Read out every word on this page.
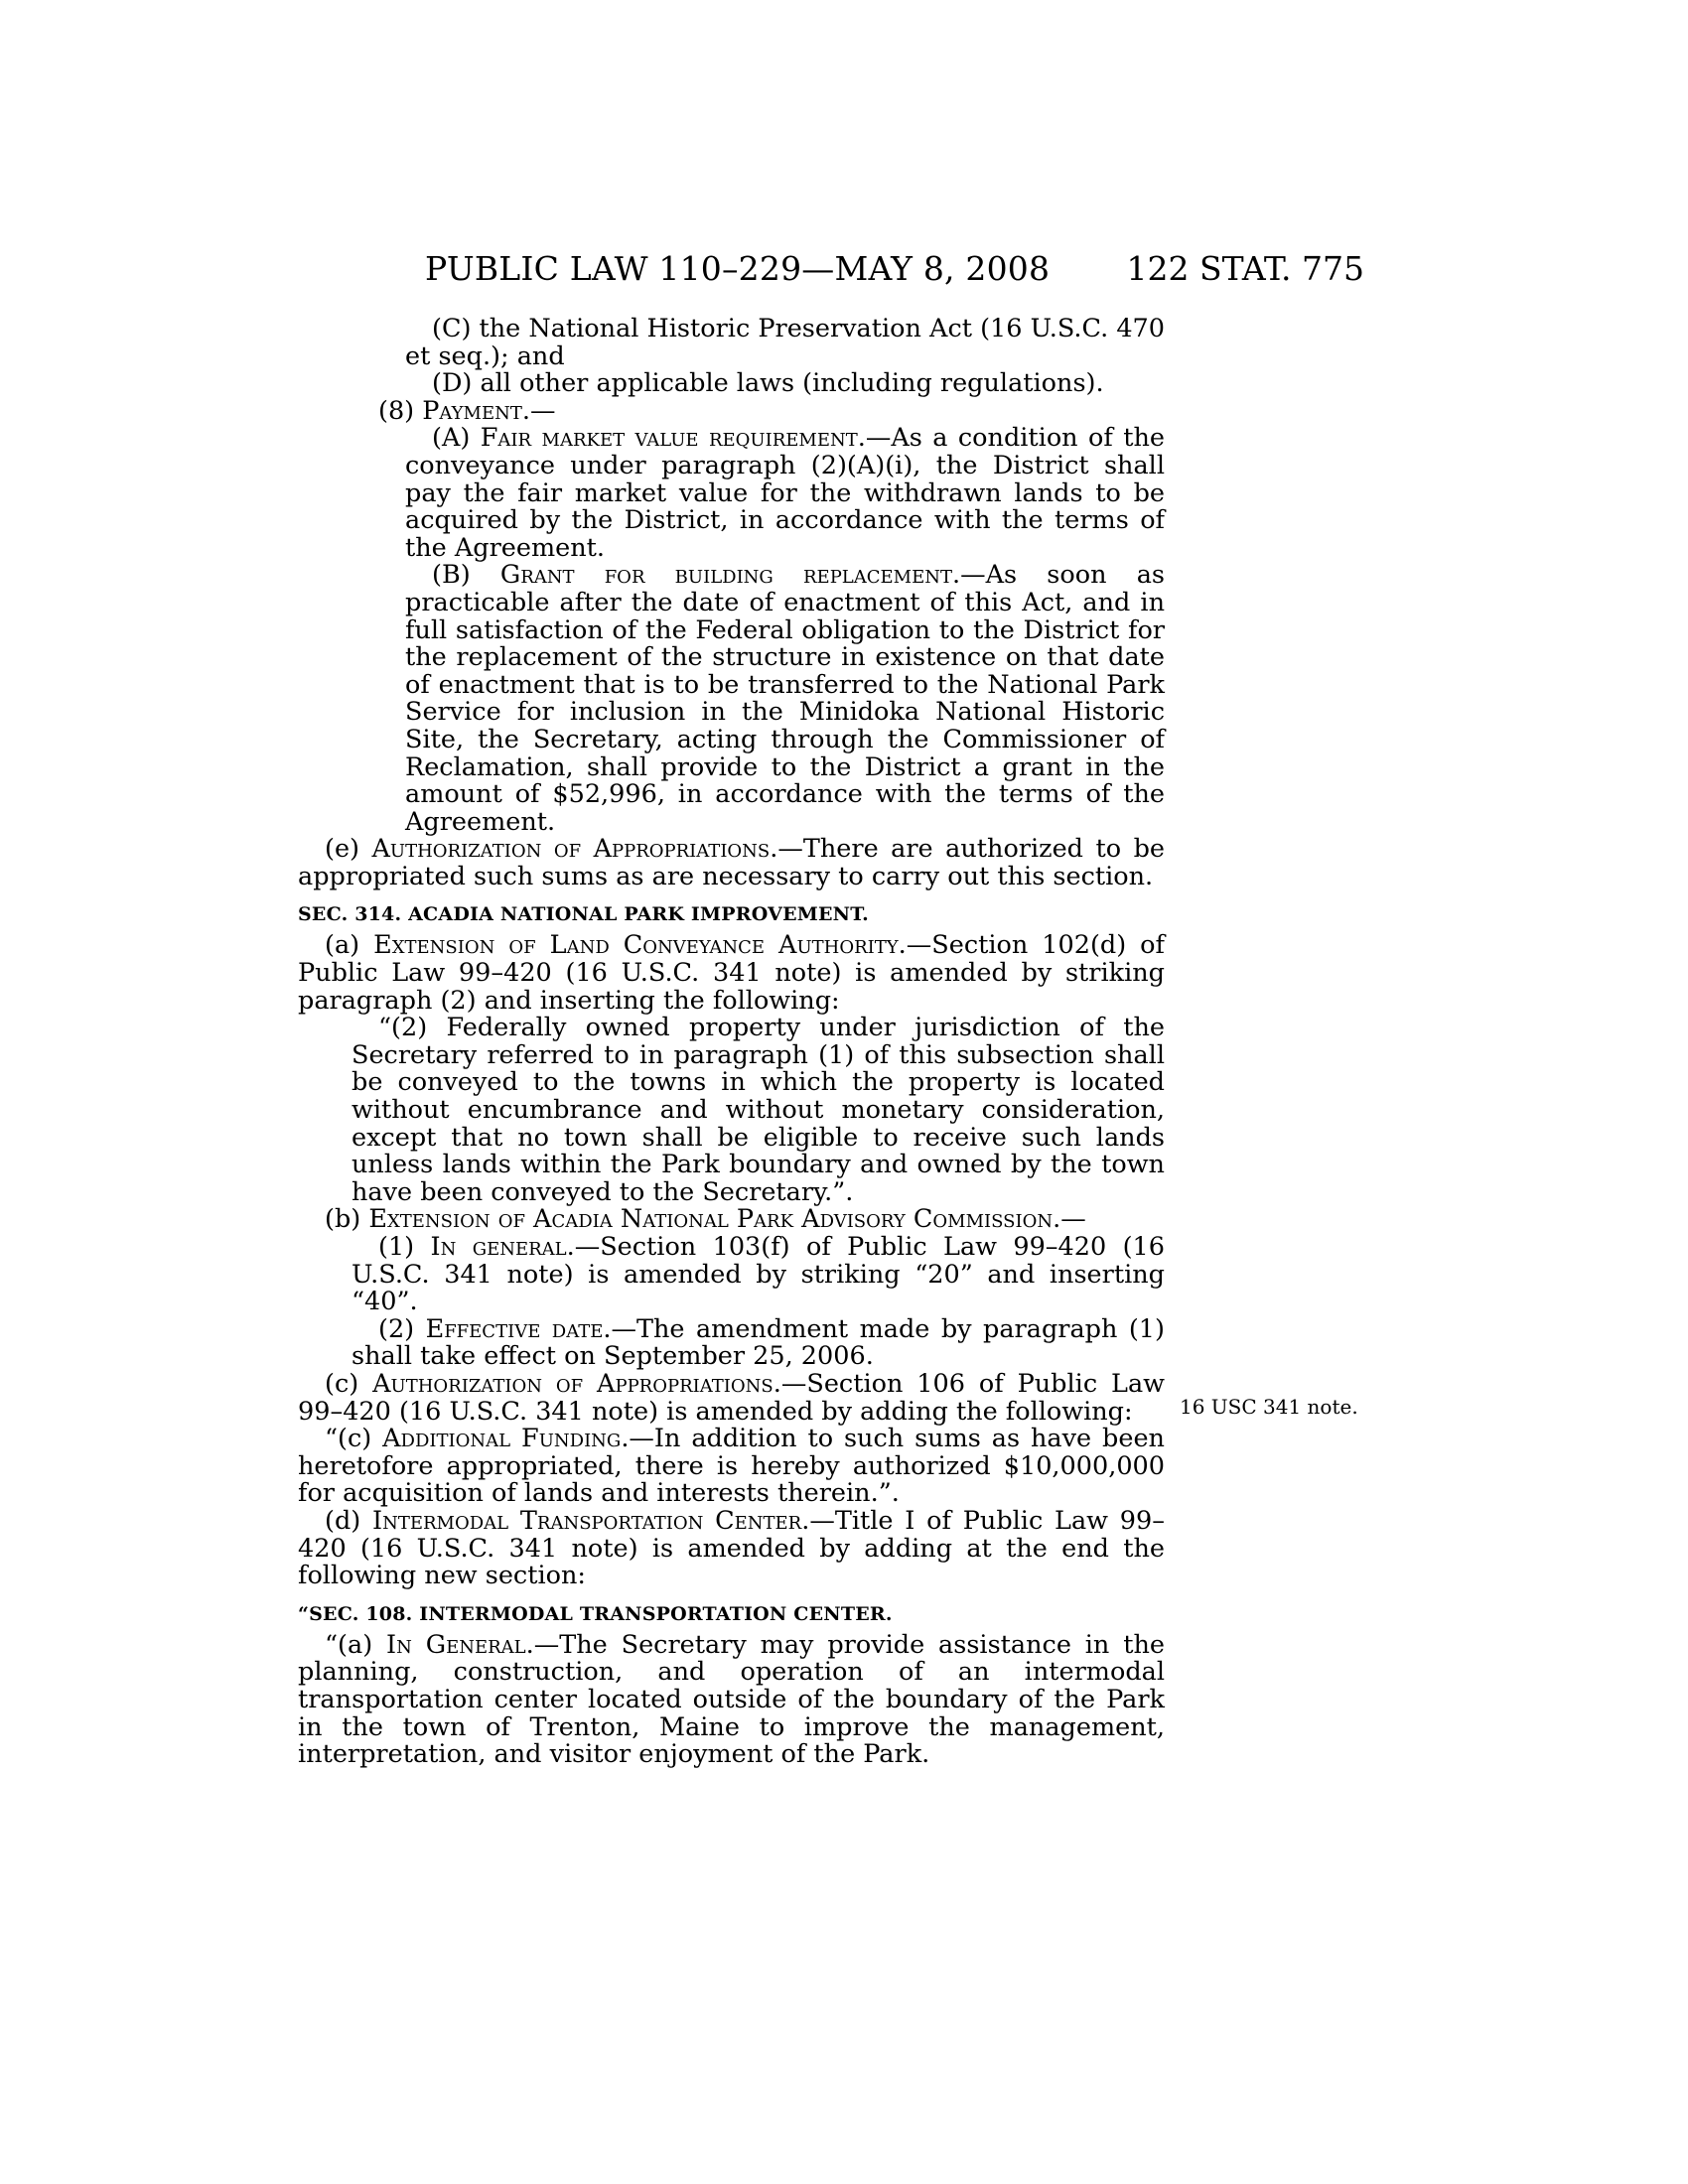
PUBLIC LAW 110–229—MAY 8, 2008 122 STAT. 775

(C) the National Historic Preservation Act (16 U.S.C. 470 et seq.); and

(D) all other applicable laws (including regulations).

(8) Payment.—

(A) Fair market value requirement.—As a condition of the conveyance under paragraph (2)(A)(i), the District shall pay the fair market value for the withdrawn lands to be acquired by the District, in accordance with the terms of the Agreement.

(B) Grant for building replacement.—As soon as practicable after the date of enactment of this Act, and in full satisfaction of the Federal obligation to the District for the replacement of the structure in existence on that date of enactment that is to be transferred to the National Park Service for inclusion in the Minidoka National Historic Site, the Secretary, acting through the Commissioner of Reclamation, shall provide to the District a grant in the amount of $52,996, in accordance with the terms of the Agreement.

(e) Authorization of Appropriations.—There are authorized to be appropriated such sums as are necessary to carry out this section.

SEC. 314. ACADIA NATIONAL PARK IMPROVEMENT.

(a) Extension of Land Conveyance Authority.—Section 102(d) of Public Law 99–420 (16 U.S.C. 341 note) is amended by striking paragraph (2) and inserting the following:

“(2) Federally owned property under jurisdiction of the Secretary referred to in paragraph (1) of this subsection shall be conveyed to the towns in which the property is located without encumbrance and without monetary consideration, except that no town shall be eligible to receive such lands unless lands within the Park boundary and owned by the town have been conveyed to the Secretary.”.

(b) Extension of Acadia National Park Advisory Commission.—

(1) In general.—Section 103(f) of Public Law 99–420 (16 U.S.C. 341 note) is amended by striking “20” and inserting “40”.

(2) Effective date.—The amendment made by paragraph (1) shall take effect on September 25, 2006.

(c) Authorization of Appropriations.—Section 106 of Public Law 99–420 (16 U.S.C. 341 note) is amended by adding the following:

“(c) Additional Funding.—In addition to such sums as have been heretofore appropriated, there is hereby authorized $10,000,000 for acquisition of lands and interests therein.”.

(d) Intermodal Transportation Center.—Title I of Public Law 99–420 (16 U.S.C. 341 note) is amended by adding at the end the following new section:

“SEC. 108. INTERMODAL TRANSPORTATION CENTER.

“(a) In General.—The Secretary may provide assistance in the planning, construction, and operation of an intermodal transportation center located outside of the boundary of the Park in the town of Trenton, Maine to improve the management, interpretation, and visitor enjoyment of the Park.

16 USC 341 note.
